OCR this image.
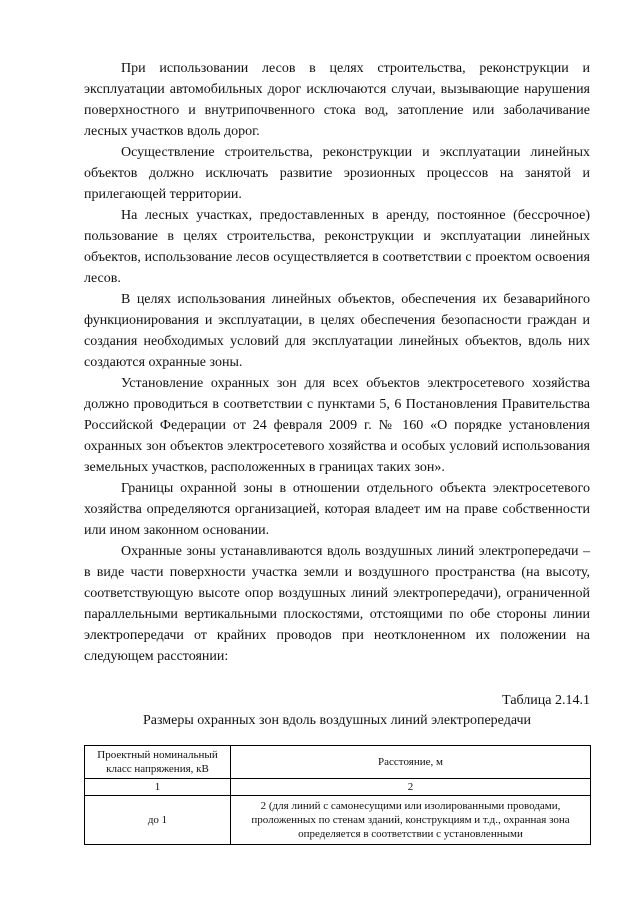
При использовании лесов в целях строительства, реконструкции и эксплуатации автомобильных дорог исключаются случаи, вызывающие нарушения поверхностного и внутрипочвенного стока вод, затопление или заболачивание лесных участков вдоль дорог.

Осуществление строительства, реконструкции и эксплуатации линейных объектов должно исключать развитие эрозионных процессов на занятой и прилегающей территории.

На лесных участках, предоставленных в аренду, постоянное (бессрочное) пользование в целях строительства, реконструкции и эксплуатации линейных объектов, использование лесов осуществляется в соответствии с проектом освоения лесов.

В целях использования линейных объектов, обеспечения их безаварийного функционирования и эксплуатации, в целях обеспечения безопасности граждан и создания необходимых условий для эксплуатации линейных объектов, вдоль них создаются охранные зоны.

Установление охранных зон для всех объектов электросетевого хозяйства должно проводиться в соответствии с пунктами 5, 6 Постановления Правительства Российской Федерации от 24 февраля 2009 г. № 160 «О порядке установления охранных зон объектов электросетевого хозяйства и особых условий использования земельных участков, расположенных в границах таких зон».

Границы охранной зоны в отношении отдельного объекта электросетевого хозяйства определяются организацией, которая владеет им на праве собственности или ином законном основании.

Охранные зоны устанавливаются вдоль воздушных линий электропередачи – в виде части поверхности участка земли и воздушного пространства (на высоту, соответствующую высоте опор воздушных линий электропередачи), ограниченной параллельными вертикальными плоскостями, отстоящими по обе стороны линии электропередачи от крайних проводов при неотклоненном их положении на следующем расстоянии:

Таблица 2.14.1
Размеры охранных зон вдоль воздушных линий электропередачи
Проектный номинальный класс напряжения, кВ	Расстояние, м
1	2
до 1	2 (для линий с самонесущими или изолированными проводами, проложенных по стенам зданий, конструкциям и т.д., охранная зона определяется в соответствии с установленными
